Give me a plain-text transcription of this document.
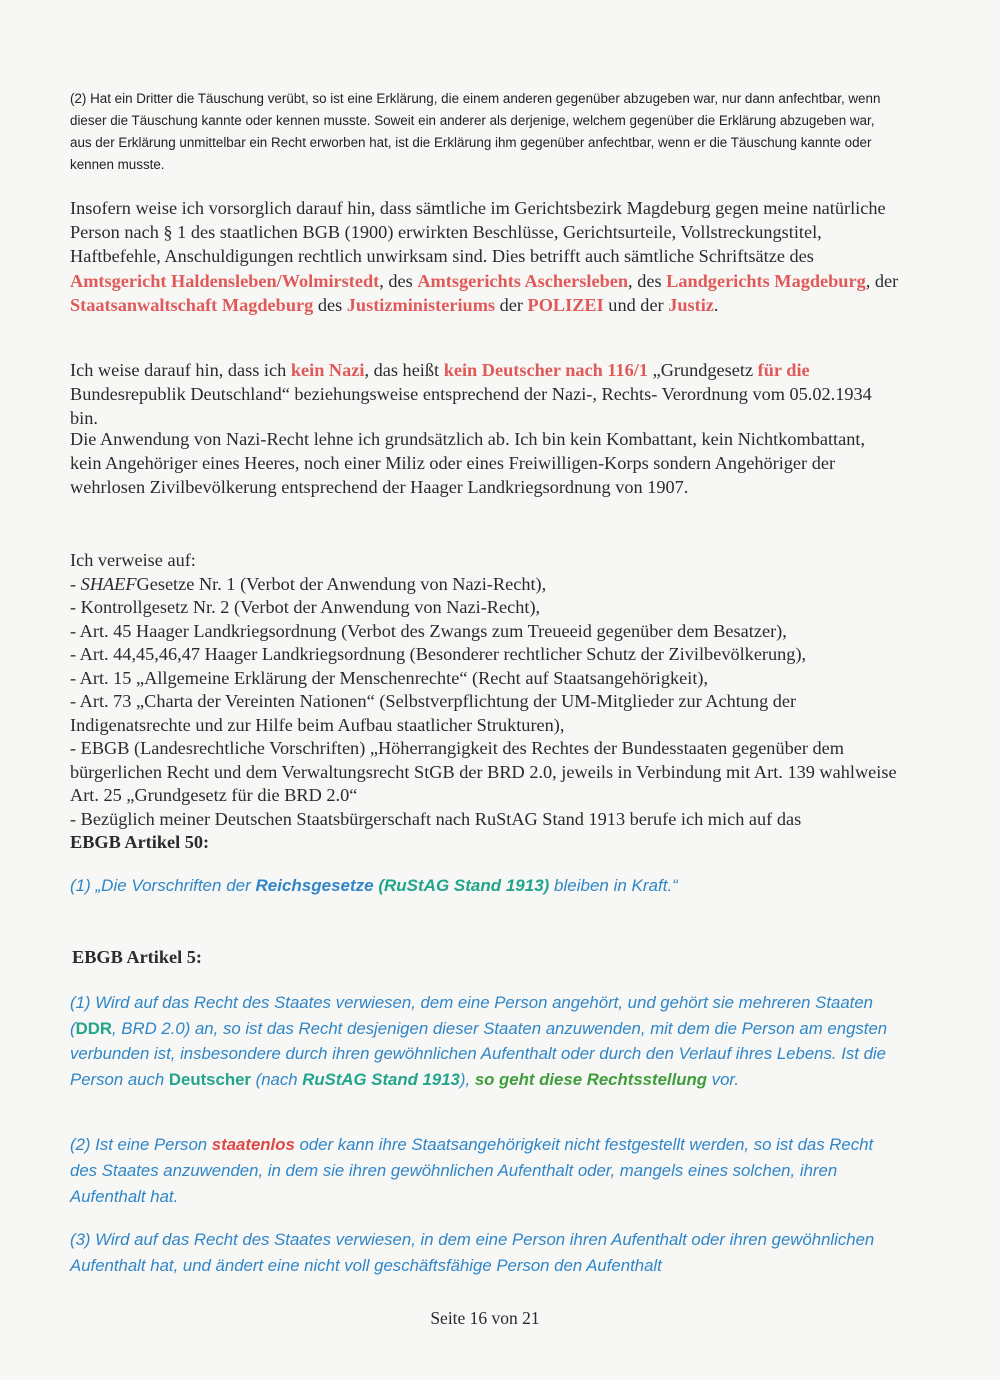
(2) Hat ein Dritter die Täuschung verübt, so ist eine Erklärung, die einem anderen gegenüber abzugeben war, nur dann anfechtbar, wenn dieser die Täuschung kannte oder kennen musste. Soweit ein anderer als derjenige, welchem gegenüber die Erklärung abzugeben war, aus der Erklärung unmittelbar ein Recht erworben hat, ist die Erklärung ihm gegenüber anfechtbar, wenn er die Täuschung kannte oder kennen musste.

Insofern weise ich vorsorglich darauf hin, dass sämtliche im Gerichtsbezirk Magdeburg gegen meine natürliche Person nach § 1 des staatlichen BGB (1900) erwirkten Beschlüsse, Gerichtsurteile, Vollstreckungstitel, Haftbefehle, Anschuldigungen rechtlich unwirksam sind. Dies betrifft auch sämtliche Schriftsätze des Amtsgericht Haldensleben/Wolmirstedt, des Amtsgerichts Aschersleben, des Landgerichts Magdeburg, der Staatsanwaltschaft Magdeburg des Justizministeriums der POLIZEI und der Justiz.

Ich weise darauf hin, dass ich kein Nazi, das heißt kein Deutscher nach 116/1 „Grundgesetz für die Bundesrepublik Deutschland“ beziehungsweise entsprechend der Nazi-, Rechts- Verordnung vom 05.02.1934 bin.

Die Anwendung von Nazi-Recht lehne ich grundsätzlich ab. Ich bin kein Kombattant, kein Nichtkombattant, kein Angehöriger eines Heeres, noch einer Miliz oder eines Freiwilligen-Korps sondern Angehöriger der wehrlosen Zivilbevölkerung entsprechend der Haager Landkriegsordnung von 1907.

Ich verweise auf:
- SHAEFGesetze Nr. 1 (Verbot der Anwendung von Nazi-Recht),
- Kontrollgesetz Nr. 2 (Verbot der Anwendung von Nazi-Recht),
- Art. 45 Haager Landkriegsordnung (Verbot des Zwangs zum Treueeid gegenüber dem Besatzer),
- Art. 44,45,46,47 Haager Landkriegsordnung (Besonderer rechtlicher Schutz der Zivilbevölkerung),
- Art. 15 „Allgemeine Erklärung der Menschenrechte“ (Recht auf Staatsangehörigkeit),
- Art. 73 „Charta der Vereinten Nationen“ (Selbstverpflichtung der UM-Mitglieder zur Achtung der Indigenatsrechte und zur Hilfe beim Aufbau staatlicher Strukturen),
- EBGB (Landesrechtliche Vorschriften) „Höherrangigkeit des Rechtes der Bundesstaaten gegenüber dem bürgerlichen Recht und dem Verwaltungsrecht StGB der BRD 2.0, jeweils in Verbindung mit Art. 139 wahlweise Art. 25 „Grundgesetz für die BRD 2.0“
- Bezüglich meiner Deutschen Staatsbürgerschaft nach RuStAG Stand 1913 berufe ich mich auf das
EBGB Artikel 50:

(1) „Die Vorschriften der Reichsgesetze (RuStAG Stand 1913) bleiben in Kraft.“

EBGB Artikel 5:

(1) Wird auf das Recht des Staates verwiesen, dem eine Person angehört, und gehört sie mehreren Staaten (DDR, BRD 2.0) an, so ist das Recht desjenigen dieser Staaten anzuwenden, mit dem die Person am engsten verbunden ist, insbesondere durch ihren gewöhnlichen Aufenthalt oder durch den Verlauf ihres Lebens. Ist die Person auch Deutscher (nach RuStAG Stand 1913), so geht diese Rechtsstellung vor.

(2) Ist eine Person staatenlos oder kann ihre Staatsangehörigkeit nicht festgestellt werden, so ist das Recht des Staates anzuwenden, in dem sie ihren gewöhnlichen Aufenthalt oder, mangels eines solchen, ihren Aufenthalt hat.

(3) Wird auf das Recht des Staates verwiesen, in dem eine Person ihren Aufenthalt oder ihren gewöhnlichen Aufenthalt hat, und ändert eine nicht voll geschäftsfähige Person den Aufenthalt

Seite 16 von 21
